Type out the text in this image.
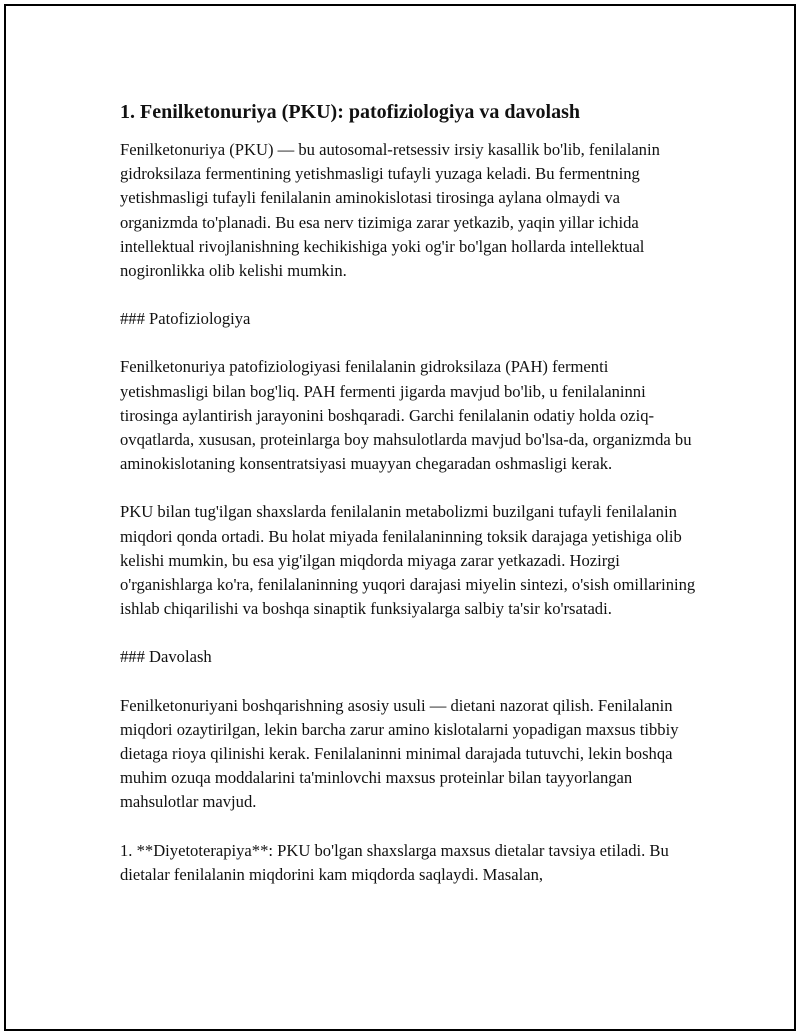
1. Fenilketonuriya (PKU): patofiziologiya va davolash

Fenilketonuriya (PKU) — bu autosomal-retsessiv irsiy kasallik bo'lib, fenilalanin gidroksilaza fermentining yetishmasligi tufayli yuzaga keladi. Bu fermentning yetishmasligi tufayli fenilalanin aminokislotasi tirosinga aylana olmaydi va organizmda to'planadi. Bu esa nerv tizimiga zarar yetkazib, yaqin yillar ichida intellektual rivojlanishning kechikishiga yoki og'ir bo'lgan hollarda intellektual nogironlikka olib kelishi mumkin.

### Patofiziologiya

Fenilketonuriya patofiziologiyasi fenilalanin gidroksilaza (PAH) fermenti yetishmasligi bilan bog'liq. PAH fermenti jigarda mavjud bo'lib, u fenilalaninni tirosinga aylantirish jarayonini boshqaradi. Garchi fenilalanin odatiy holda oziq-ovqatlarda, xususan, proteinlarga boy mahsulotlarda mavjud bo'lsa-da, organizmda bu aminokislotaning konsentratsiyasi muayyan chegaradan oshmasligi kerak.

PKU bilan tug'ilgan shaxslarda fenilalanin metabolizmi buzilgani tufayli fenilalanin miqdori qonda ortadi. Bu holat miyada fenilalaninning toksik darajaga yetishiga olib kelishi mumkin, bu esa yig'ilgan miqdorda miyaga zarar yetkazadi. Hozirgi o'rganishlarga ko'ra, fenilalaninning yuqori darajasi miyelin sintezi, o'sish omillarining ishlab chiqarilishi va boshqa sinaptik funksiyalarga salbiy ta'sir ko'rsatadi.

### Davolash

Fenilketonuriyani boshqarishning asosiy usuli — dietani nazorat qilish. Fenilalanin miqdori ozaytirilgan, lekin barcha zarur amino kislotalarni yopadigan maxsus tibbiy dietaga rioya qilinishi kerak. Fenilalaninni minimal darajada tutuvchi, lekin boshqa muhim ozuqa moddalarini ta'minlovchi maxsus proteinlar bilan tayyorlangan mahsulotlar mavjud.

1. **Diyetoterapiya**: PKU bo'lgan shaxslarga maxsus dietalar tavsiya etiladi. Bu dietalar fenilalanin miqdorini kam miqdorda saqlaydi. Masalan,
